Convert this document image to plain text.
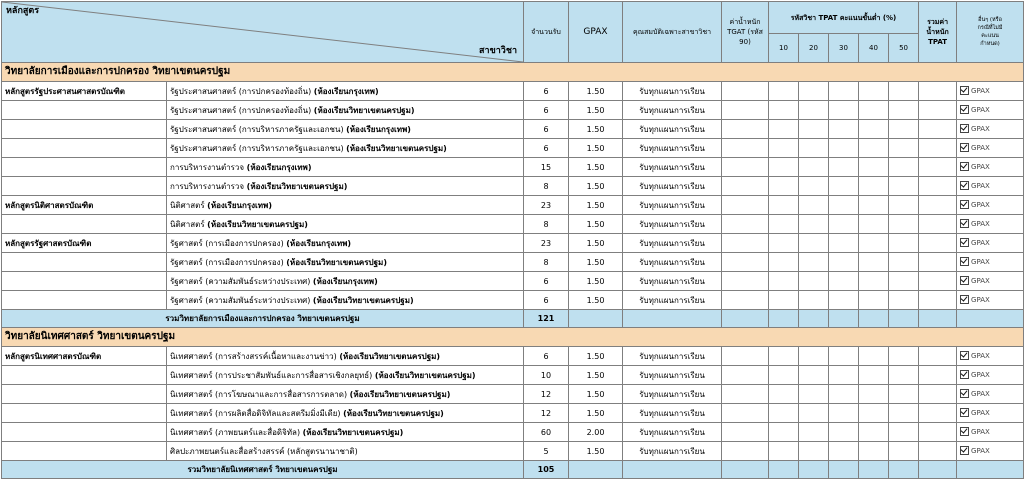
หลักสูตร
สาขาวิชา		จำนวนรับ	GPAX	คุณสมบัติเฉพาะสาขาวิชา	ค่าน้ำหนัก
TGAT (รหัส
90)	รหัสวิชา TPAT คะแนนขั้นต่ำ (%)					รวมค่า
น้ำหนัก
TPAT	อื่นๆ (หรือ
กรณีที่ไม่มี
คะแนน
กำหนด)
						10	20	30	40	50		
วิทยาลัยการเมืองและการปกครอง วิทยาเขตนครปฐม												
หลักสูตรรัฐประศาสนศาสตรบัณฑิต	รัฐประศาสนศาสตร์ (การปกครองท้องถิ่น) (ห้องเรียนกรุงเทพ)	6	1.50	รับทุกแผนการเรียน								GPAX
	รัฐประศาสนศาสตร์ (การปกครองท้องถิ่น) (ห้องเรียนวิทยาเขตนครปฐม)	6	1.50	รับทุกแผนการเรียน								GPAX
	รัฐประศาสนศาสตร์ (การบริหารภาครัฐและเอกชน) (ห้องเรียนกรุงเทพ)	6	1.50	รับทุกแผนการเรียน								GPAX
	รัฐประศาสนศาสตร์ (การบริหารภาครัฐและเอกชน) (ห้องเรียนวิทยาเขตนครปฐม)	6	1.50	รับทุกแผนการเรียน								GPAX
	การบริหารงานตำรวจ (ห้องเรียนกรุงเทพ)	15	1.50	รับทุกแผนการเรียน								GPAX
	การบริหารงานตำรวจ (ห้องเรียนวิทยาเขตนครปฐม)	8	1.50	รับทุกแผนการเรียน								GPAX
หลักสูตรนิติศาสตรบัณฑิต	นิติศาสตร์ (ห้องเรียนกรุงเทพ)	23	1.50	รับทุกแผนการเรียน								GPAX
	นิติศาสตร์ (ห้องเรียนวิทยาเขตนครปฐม)	8	1.50	รับทุกแผนการเรียน								GPAX
หลักสูตรรัฐศาสตรบัณฑิต	รัฐศาสตร์ (การเมืองการปกครอง) (ห้องเรียนกรุงเทพ)	23	1.50	รับทุกแผนการเรียน								GPAX
	รัฐศาสตร์ (การเมืองการปกครอง) (ห้องเรียนวิทยาเขตนครปฐม)	8	1.50	รับทุกแผนการเรียน								GPAX
	รัฐศาสตร์ (ความสัมพันธ์ระหว่างประเทศ) (ห้องเรียนกรุงเทพ)	6	1.50	รับทุกแผนการเรียน								GPAX
	รัฐศาสตร์ (ความสัมพันธ์ระหว่างประเทศ) (ห้องเรียนวิทยาเขตนครปฐม)	6	1.50	รับทุกแผนการเรียน								GPAX
รวมวิทยาลัยการเมืองและการปกครอง วิทยาเขตนครปฐม		121										
วิทยาลัยนิเทศศาสตร์ วิทยาเขตนครปฐม												
หลักสูตรนิเทศศาสตรบัณฑิต	นิเทศศาสตร์ (การสร้างสรรค์เนื้อหาและงานข่าว) (ห้องเรียนวิทยาเขตนครปฐม)	6	1.50	รับทุกแผนการเรียน								GPAX
	นิเทศศาสตร์ (การประชาสัมพันธ์และการสื่อสารเชิงกลยุทธ์) (ห้องเรียนวิทยาเขตนครปฐม)	10	1.50	รับทุกแผนการเรียน								GPAX
	นิเทศศาสตร์ (การโฆษณาและการสื่อสารการตลาด) (ห้องเรียนวิทยาเขตนครปฐม)	12	1.50	รับทุกแผนการเรียน								GPAX
	นิเทศศาสตร์ (การผลิตสื่อดิจิทัลและสตรีมมิ่งมีเดีย) (ห้องเรียนวิทยาเขตนครปฐม)	12	1.50	รับทุกแผนการเรียน								GPAX
	นิเทศศาสตร์ (ภาพยนตร์และสื่อดิจิทัล) (ห้องเรียนวิทยาเขตนครปฐม)	60	2.00	รับทุกแผนการเรียน								GPAX
	ศิลปะภาพยนตร์และสื่อสร้างสรรค์ (หลักสูตรนานาชาติ)	5	1.50	รับทุกแผนการเรียน								GPAX
รวมวิทยาลัยนิเทศศาสตร์ วิทยาเขตนครปฐม		105										
